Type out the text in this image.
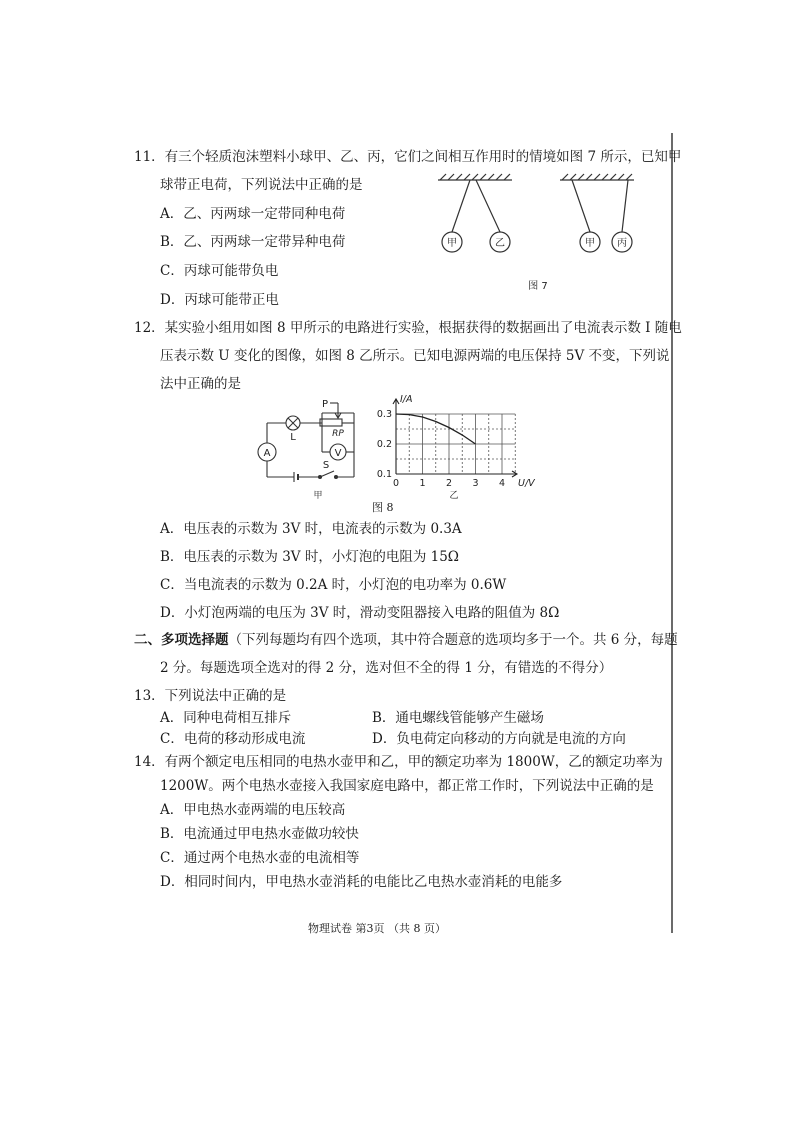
11．有三个轻质泡沫塑料小球甲、乙、丙，它们之间相互作用时的情境如图 7 所示，已知甲
球带正电荷，下列说法中正确的是
A．乙、丙两球一定带同种电荷
B．乙、丙两球一定带异种电荷
C．丙球可能带负电
D．丙球可能带正电
甲	乙	甲 丙
图 7
12．某实验小组用如图 8 甲所示的电路进行实验，根据获得的数据画出了电流表示数 I 随电
压表示数 U 变化的图像，如图 8 乙所示。已知电源两端的电压保持 5V 不变，下列说
法中正确的是
A	V
L
P
RP
S
甲
0 1 2 3 4
0.1
0.2
0.3
I/A
U/V
乙
图 8
A．电压表的示数为 3V 时，电流表的示数为 0.3A
B．电压表的示数为 3V 时，小灯泡的电阻为 15Ω
C．当电流表的示数为 0.2A 时，小灯泡的电功率为 0.6W
D．小灯泡两端的电压为 3V 时，滑动变阻器接入电路的阻值为 8Ω
二、多项选择题（下列每题均有四个选项，其中符合题意的选项均多于一个。共 6 分，每题
2 分。每题选项全选对的得 2 分，选对但不全的得 1 分，有错选的不得分）
13．下列说法中正确的是
A．同种电荷相互排斥	B．通电螺线管能够产生磁场
C．电荷的移动形成电流	D．负电荷定向移动的方向就是电流的方向
14．有两个额定电压相同的电热水壶甲和乙，甲的额定功率为 1800W，乙的额定功率为
1200W。两个电热水壶接入我国家庭电路中，都正常工作时，下列说法中正确的是
A．甲电热水壶两端的电压较高
B．电流通过甲电热水壶做功较快
C．通过两个电热水壶的电流相等
D．相同时间内，甲电热水壶消耗的电能比乙电热水壶消耗的电能多
物理试卷 第3页 （共 8 页）
